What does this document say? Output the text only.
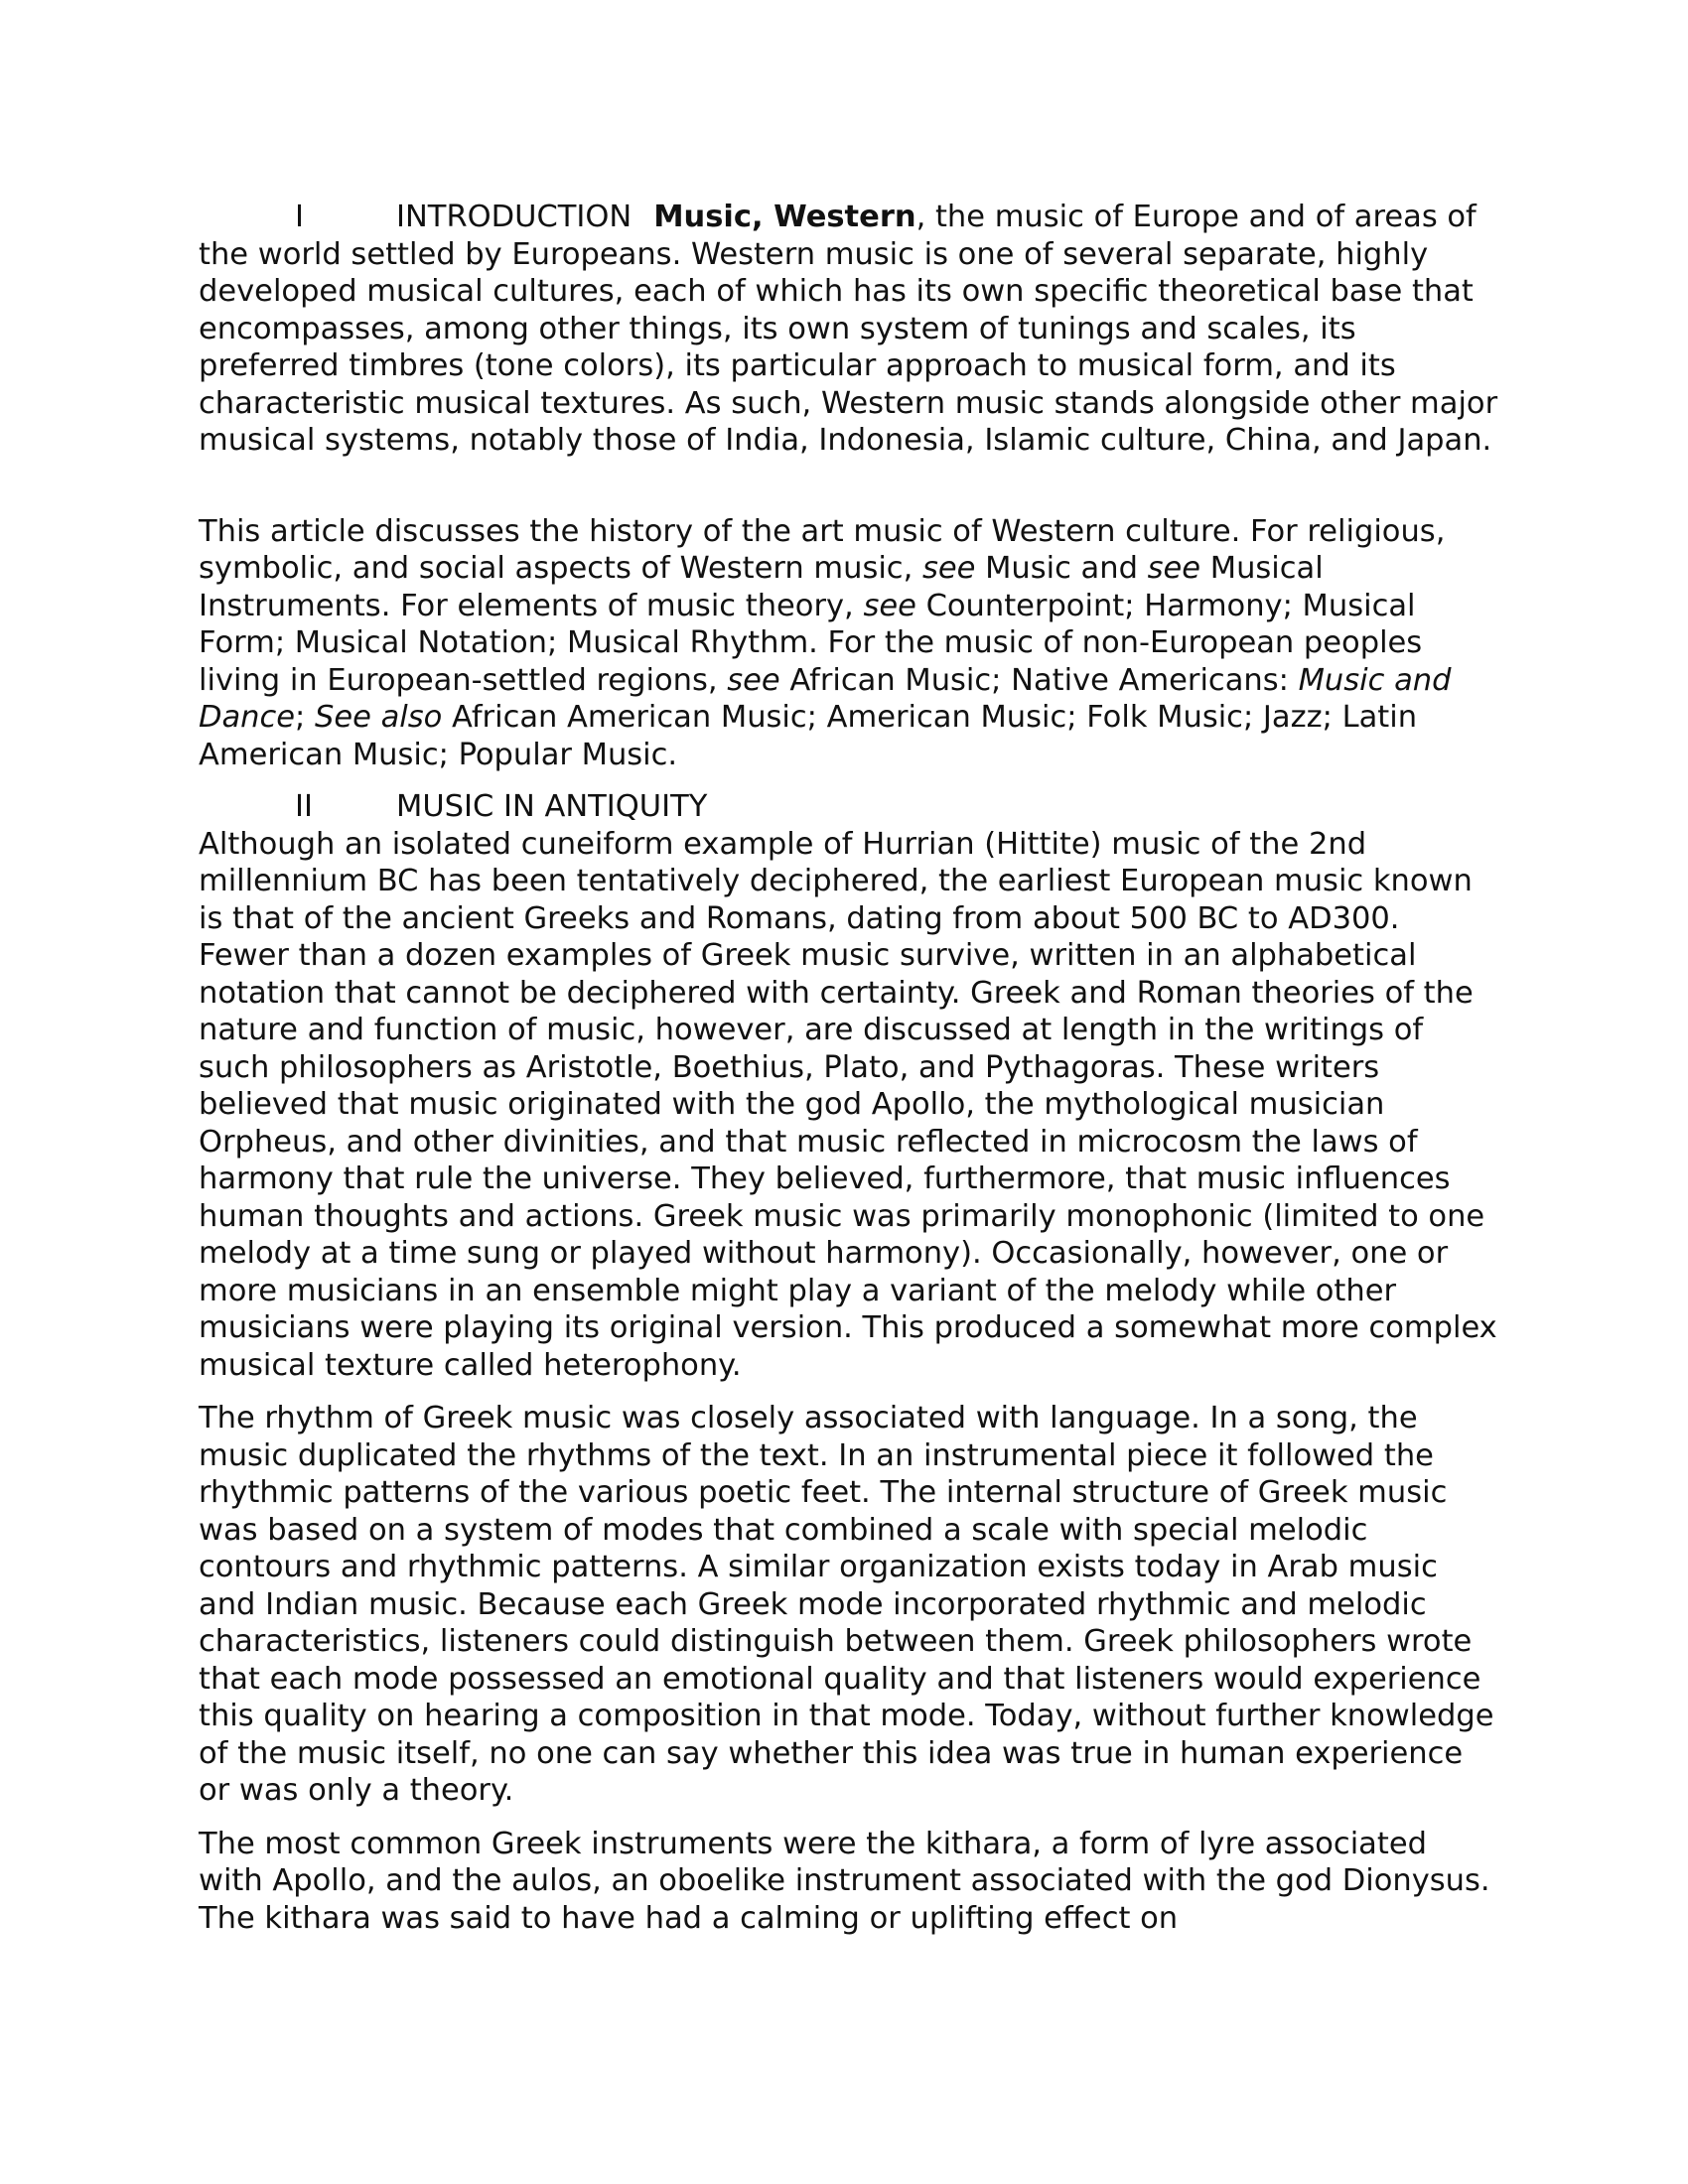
I	INTRODUCTION Music, Western, the music of Europe and of areas of the world settled by Europeans. Western music is one of several separate, highly developed musical cultures, each of which has its own specific theoretical base that encompasses, among other things, its own system of tunings and scales, its preferred timbres (tone colors), its particular approach to musical form, and its characteristic musical textures. As such, Western music stands alongside other major musical systems, notably those of India, Indonesia, Islamic culture, China, and Japan.

This article discusses the history of the art music of Western culture. For religious, symbolic, and social aspects of Western music, see Music and see Musical Instruments. For elements of music theory, see Counterpoint; Harmony; Musical Form; Musical Notation; Musical Rhythm. For the music of non-European peoples living in European-settled regions, see African Music; Native Americans: Music and Dance; See also African American Music; American Music; Folk Music; Jazz; Latin American Music; Popular Music.

II	MUSIC IN ANTIQUITY

Although an isolated cuneiform example of Hurrian (Hittite) music of the 2nd millennium BC has been tentatively deciphered, the earliest European music known is that of the ancient Greeks and Romans, dating from about 500 BC to AD300. Fewer than a dozen examples of Greek music survive, written in an alphabetical notation that cannot be deciphered with certainty. Greek and Roman theories of the nature and function of music, however, are discussed at length in the writings of such philosophers as Aristotle, Boethius, Plato, and Pythagoras. These writers believed that music originated with the god Apollo, the mythological musician Orpheus, and other divinities, and that music reflected in microcosm the laws of harmony that rule the universe. They believed, furthermore, that music influences human thoughts and actions. Greek music was primarily monophonic (limited to one melody at a time sung or played without harmony). Occasionally, however, one or more musicians in an ensemble might play a variant of the melody while other musicians were playing its original version. This produced a somewhat more complex musical texture called heterophony.

The rhythm of Greek music was closely associated with language. In a song, the music duplicated the rhythms of the text. In an instrumental piece it followed the rhythmic patterns of the various poetic feet. The internal structure of Greek music was based on a system of modes that combined a scale with special melodic contours and rhythmic patterns. A similar organization exists today in Arab music and Indian music. Because each Greek mode incorporated rhythmic and melodic characteristics, listeners could distinguish between them. Greek philosophers wrote that each mode possessed an emotional quality and that listeners would experience this quality on hearing a composition in that mode. Today, without further knowledge of the music itself, no one can say whether this idea was true in human experience or was only a theory.

The most common Greek instruments were the kithara, a form of lyre associated with Apollo, and the aulos, an oboelike instrument associated with the god Dionysus. The kithara was said to have had a calming or uplifting effect on
